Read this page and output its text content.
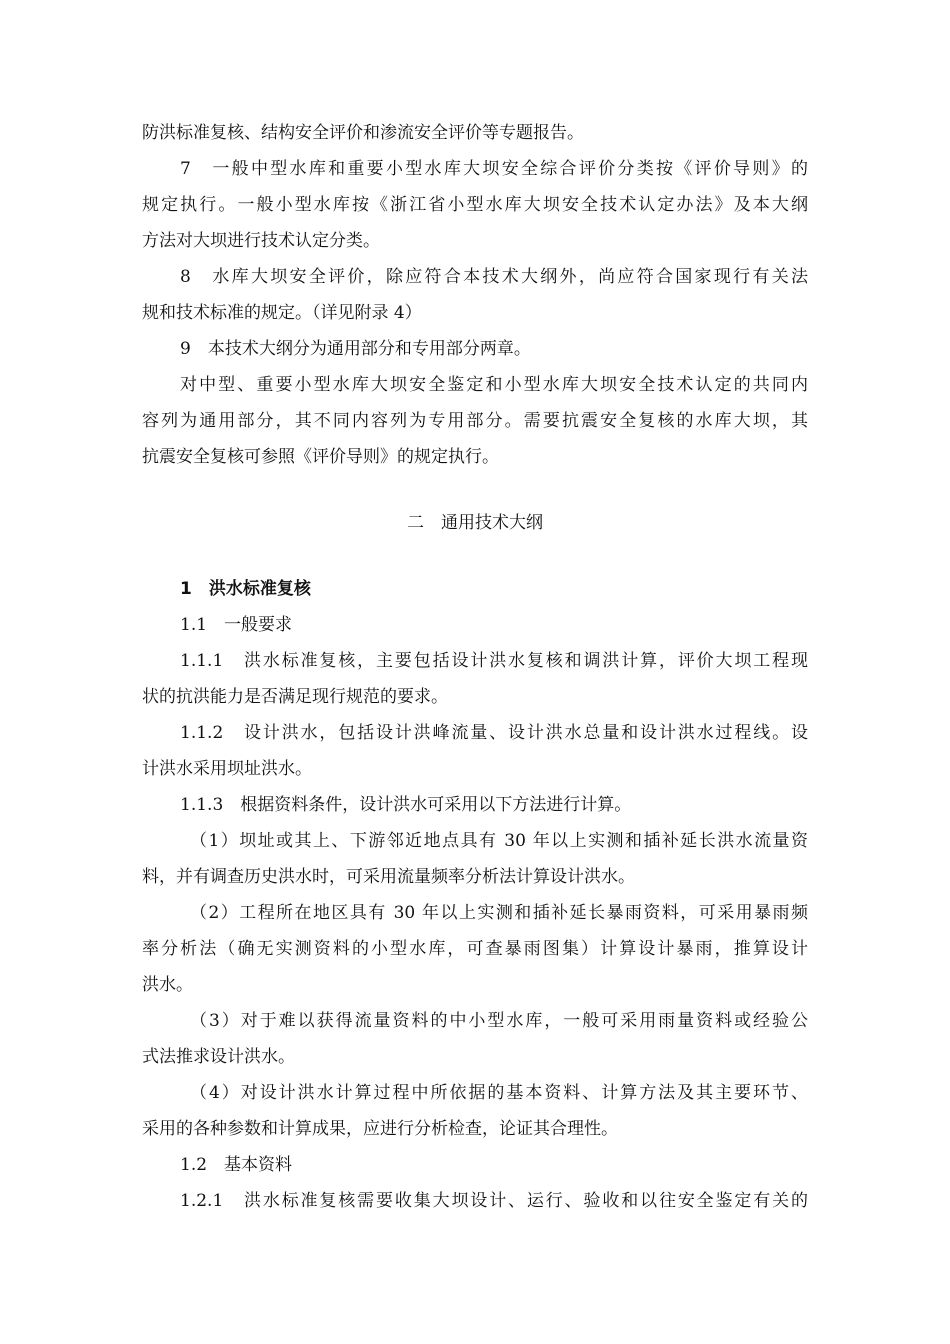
防洪标准复核、结构安全评价和渗流安全评价等专题报告。
7　一般中型水库和重要小型水库大坝安全综合评价分类按《评价导则》的
规定执行。一般小型水库按《浙江省小型水库大坝安全技术认定办法》及本大纲
方法对大坝进行技术认定分类。
8　水库大坝安全评价，除应符合本技术大纲外，尚应符合国家现行有关法
规和技术标准的规定。（详见附录 4）
9　本技术大纲分为通用部分和专用部分两章。
对中型、重要小型水库大坝安全鉴定和小型水库大坝安全技术认定的共同内
容列为通用部分，其不同内容列为专用部分。需要抗震安全复核的水库大坝，其
抗震安全复核可参照《评价导则》的规定执行。
二　通用技术大纲
1　洪水标准复核
1.1　一般要求
1.1.1　洪水标准复核，主要包括设计洪水复核和调洪计算，评价大坝工程现
状的抗洪能力是否满足现行规范的要求。
1.1.2　设计洪水，包括设计洪峰流量、设计洪水总量和设计洪水过程线。设
计洪水采用坝址洪水。
1.1.3　根据资料条件，设计洪水可采用以下方法进行计算。
（1）坝址或其上、下游邻近地点具有 30 年以上实测和插补延长洪水流量资
料，并有调查历史洪水时，可采用流量频率分析法计算设计洪水。
（2）工程所在地区具有 30 年以上实测和插补延长暴雨资料，可采用暴雨频
率分析法（确无实测资料的小型水库，可查暴雨图集）计算设计暴雨，推算设计
洪水。
（3）对于难以获得流量资料的中小型水库，一般可采用雨量资料或经验公
式法推求设计洪水。
（4）对设计洪水计算过程中所依据的基本资料、计算方法及其主要环节、
采用的各种参数和计算成果，应进行分析检查，论证其合理性。
1.2　基本资料
1.2.1　洪水标准复核需要收集大坝设计、运行、验收和以往安全鉴定有关的
